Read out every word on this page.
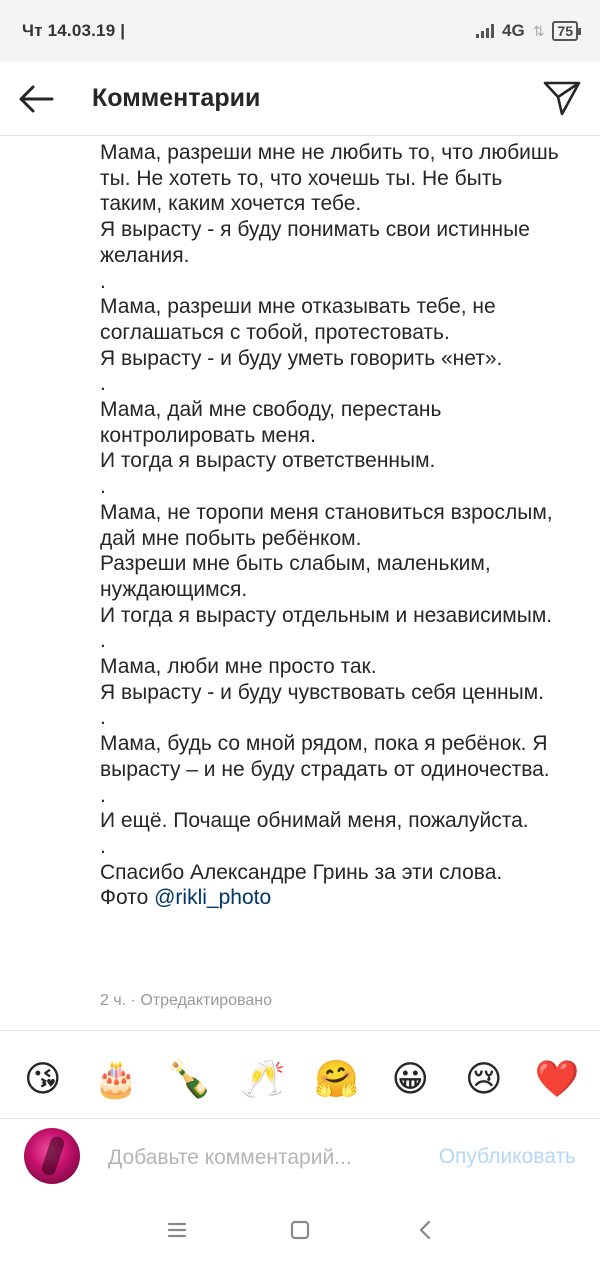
Чт 14.03.19 |	4G ⇅ 75
Комментарии

Мама, разреши мне не любить то, что любишь ты. Не хотеть то, что хочешь ты. Не быть таким, каким хочется тебе.

Я вырасту - я буду понимать свои истинные желания.

.

Мама, разреши мне отказывать тебе, не соглашаться с тобой, протестовать.

Я вырасту - и буду уметь говорить «нет».

.

Мама, дай мне свободу, перестань контролировать меня.

И тогда я вырасту ответственным.

.

Мама, не торопи меня становиться взрослым, дай мне побыть ребёнком.

Разреши мне быть слабым, маленьким, нуждающимся.

И тогда я вырасту отдельным и независимым.

.

Мама, люби мне просто так.

Я вырасту - и буду чувствовать себя ценным.

.

Мама, будь со мной рядом, пока я ребёнок. Я вырасту – и не буду страдать от одиночества.

.

И ещё. Почаще обнимай меня, пожалуйста.

.

Спасибо Александре Гринь за эти слова.

Фото @rikli_photo

2 ч. · Отредактировано
😘 🎂 🍾 🥂 🤗 😀 😢 ❤️
Добавьте комментарий...
Опубликовать
